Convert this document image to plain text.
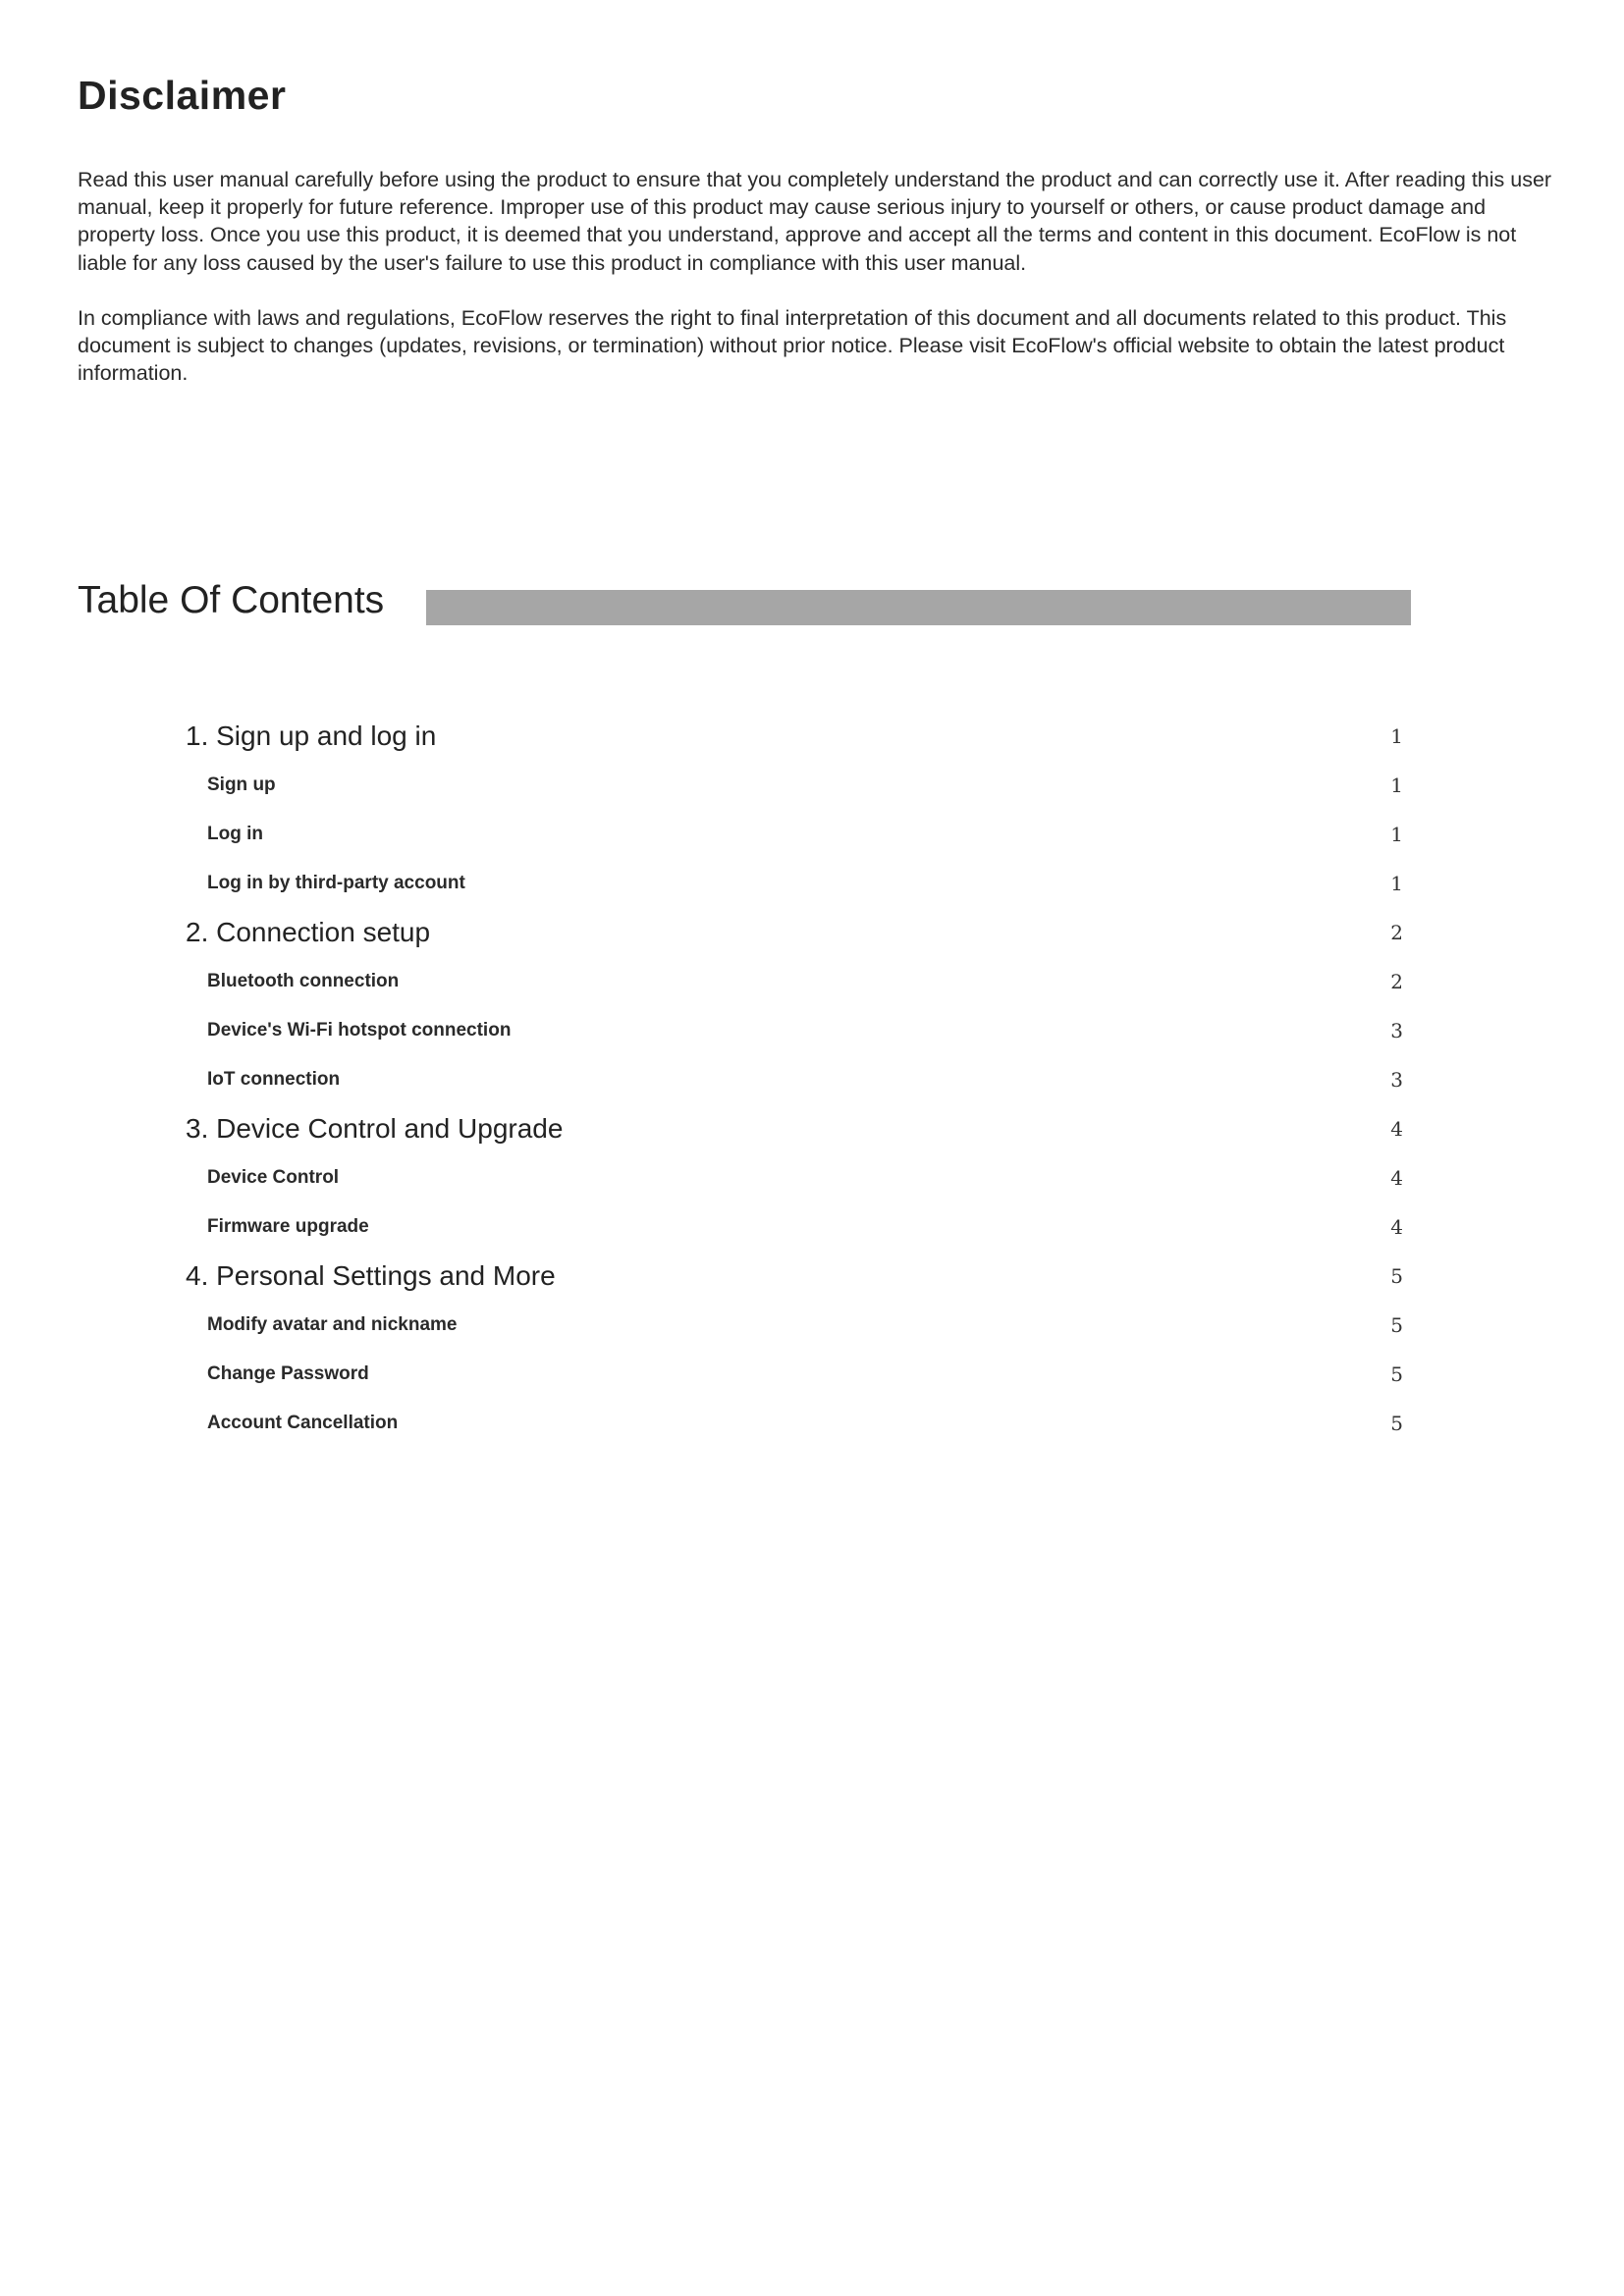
Disclaimer

Read this user manual carefully before using the product to ensure that you completely understand the product and can correctly use it. After reading this user manual, keep it properly for future reference. Improper use of this product may cause serious injury to yourself or others, or cause product damage and property loss. Once you use this product, it is deemed that you understand, approve and accept all the terms and content in this document. EcoFlow is not liable for any loss caused by the user's failure to use this product in compliance with this user manual.

In compliance with laws and regulations, EcoFlow reserves the right to final interpretation of this document and all documents related to this product. This document is subject to changes (updates, revisions, or termination) without prior notice. Please visit EcoFlow's official website to obtain the latest product information.

Table Of Contents
1. Sign up and log in	1
Sign up	1
Log in	1
Log in by third-party account	1
2. Connection setup	2
Bluetooth connection	2
Device's Wi-Fi hotspot connection	3
IoT connection	3
3. Device Control and Upgrade	4
Device Control	4
Firmware upgrade	4
4. Personal Settings and More	5
Modify avatar and nickname	5
Change Password	5
Account Cancellation	5
